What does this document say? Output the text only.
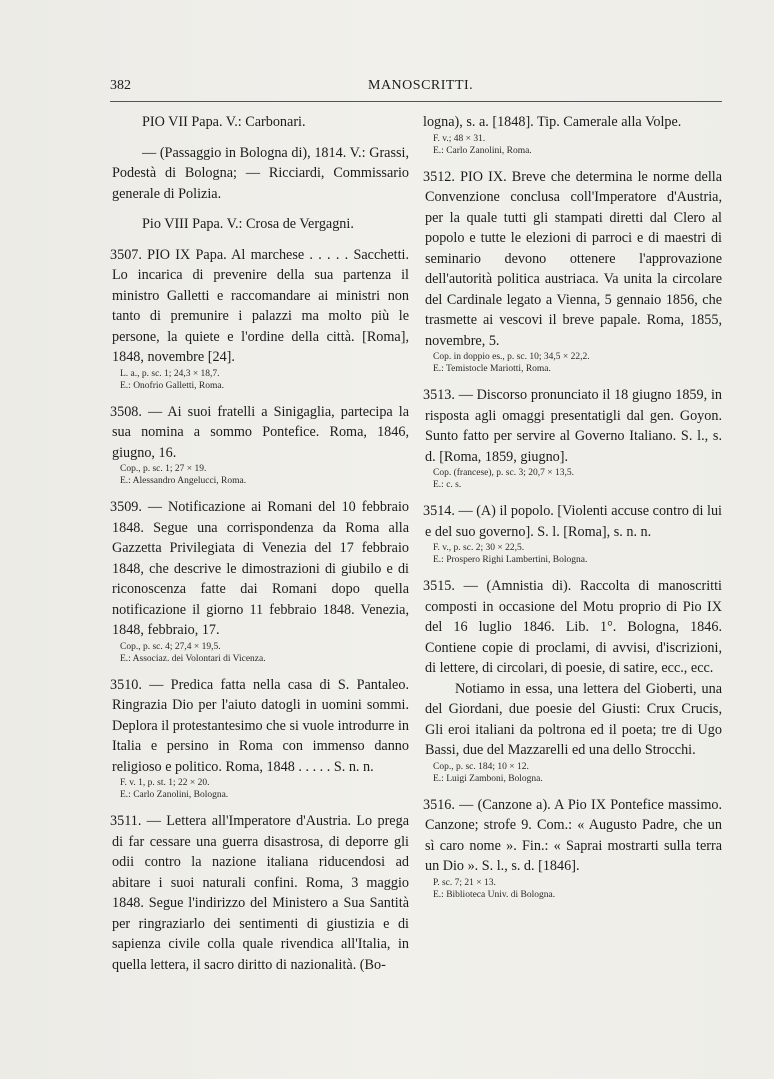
382	MANOSCRITTI.

PIO VII Papa. V.: Carbonari.

— (Passaggio in Bologna di), 1814. V.: Grassi, Podestà di Bologna; — Ricciardi, Commissario generale di Polizia.

Pio VIII Papa. V.: Crosa de Vergagni.

3507. PIO IX Papa. Al marchese . . . . . Sacchetti. Lo incarica di prevenire della sua partenza il ministro Galletti e raccomandare ai ministri non tanto di premunire i palazzi ma molto più le persone, la quiete e l'ordine della città. [Roma], 1848, novembre [24].

L. a., p. sc. 1; 24,3 × 18,7.

E.: Onofrio Galletti, Roma.

3508. — Ai suoi fratelli a Sinigaglia, partecipa la sua nomina a sommo Pontefice. Roma, 1846, giugno, 16.

Cop., p. sc. 1; 27 × 19.

E.: Alessandro Angelucci, Roma.

3509. — Notificazione ai Romani del 10 febbraio 1848. Segue una corrispondenza da Roma alla Gazzetta Privilegiata di Venezia del 17 febbraio 1848, che descrive le dimostrazioni di giubilo e di riconoscenza fatte dai Romani dopo quella notificazione il giorno 11 febbraio 1848. Venezia, 1848, febbraio, 17.

Cop., p. sc. 4; 27,4 × 19,5.

E.: Associaz. dei Volontari di Vicenza.

3510. — Predica fatta nella casa di S. Pantaleo. Ringrazia Dio per l'aiuto datogli in uomini sommi. Deplora il protestantesimo che si vuole introdurre in Italia e persino in Roma con immenso danno religioso e politico. Roma, 1848 . . . . . S. n. n.

F. v. 1, p. st. 1; 22 × 20.

E.: Carlo Zanolini, Bologna.

3511. — Lettera all'Imperatore d'Austria. Lo prega di far cessare una guerra disastrosa, di deporre gli odii contro la nazione italiana riducendosi ad abitare i suoi naturali confini. Roma, 3 maggio 1848. Segue l'indirizzo del Ministero a Sua Santità per ringraziarlo dei sentimenti di giustizia e di sapienza civile colla quale rivendica all'Italia, in quella lettera, il sacro diritto di nazionalità. (Bo-

logna), s. a. [1848]. Tip. Camerale alla Volpe.

F. v.; 48 × 31.

E.: Carlo Zanolini, Roma.

3512. PIO IX. Breve che determina le norme della Convenzione conclusa coll'Imperatore d'Austria, per la quale tutti gli stampati diretti dal Clero al popolo e tutte le elezioni di parroci e di maestri di seminario devono ottenere l'approvazione dell'autorità politica austriaca. Va unita la circolare del Cardinale legato a Vienna, 5 gennaio 1856, che trasmette ai vescovi il breve papale. Roma, 1855, novembre, 5.

Cop. in doppio es., p. sc. 10; 34,5 × 22,2.

E.: Temistocle Mariotti, Roma.

3513. — Discorso pronunciato il 18 giugno 1859, in risposta agli omaggi presentatigli dal gen. Goyon. Sunto fatto per servire al Governo Italiano. S. l., s. d. [Roma, 1859, giugno].

Cop. (francese), p. sc. 3; 20,7 × 13,5.

E.: c. s.

3514. — (A) il popolo. [Violenti accuse contro di lui e del suo governo]. S. l. [Roma], s. n. n.

F. v., p. sc. 2; 30 × 22,5.

E.: Prospero Righi Lambertini, Bologna.

3515. — (Amnistia di). Raccolta di manoscritti composti in occasione del Motu proprio di Pio IX del 16 luglio 1846. Lib. 1°. Bologna, 1846. Contiene copie di proclami, di avvisi, d'iscrizioni, di lettere, di circolari, di poesie, di satire, ecc., ecc.

Notiamo in essa, una lettera del Gioberti, una del Giordani, due poesie del Giusti: Crux Crucis, Gli eroi italiani da poltrona ed il poeta; tre di Ugo Bassi, due del Mazzarelli ed una dello Strocchi.

Cop., p. sc. 184; 10 × 12.

E.: Luigi Zamboni, Bologna.

3516. — (Canzone a). A Pio IX Pontefice massimo. Canzone; strofe 9. Com.: « Augusto Padre, che un sì caro nome ». Fin.: « Saprai mostrarti sulla terra un Dio ». S. l., s. d. [1846].

P. sc. 7; 21 × 13.

E.: Biblioteca Univ. di Bologna.
